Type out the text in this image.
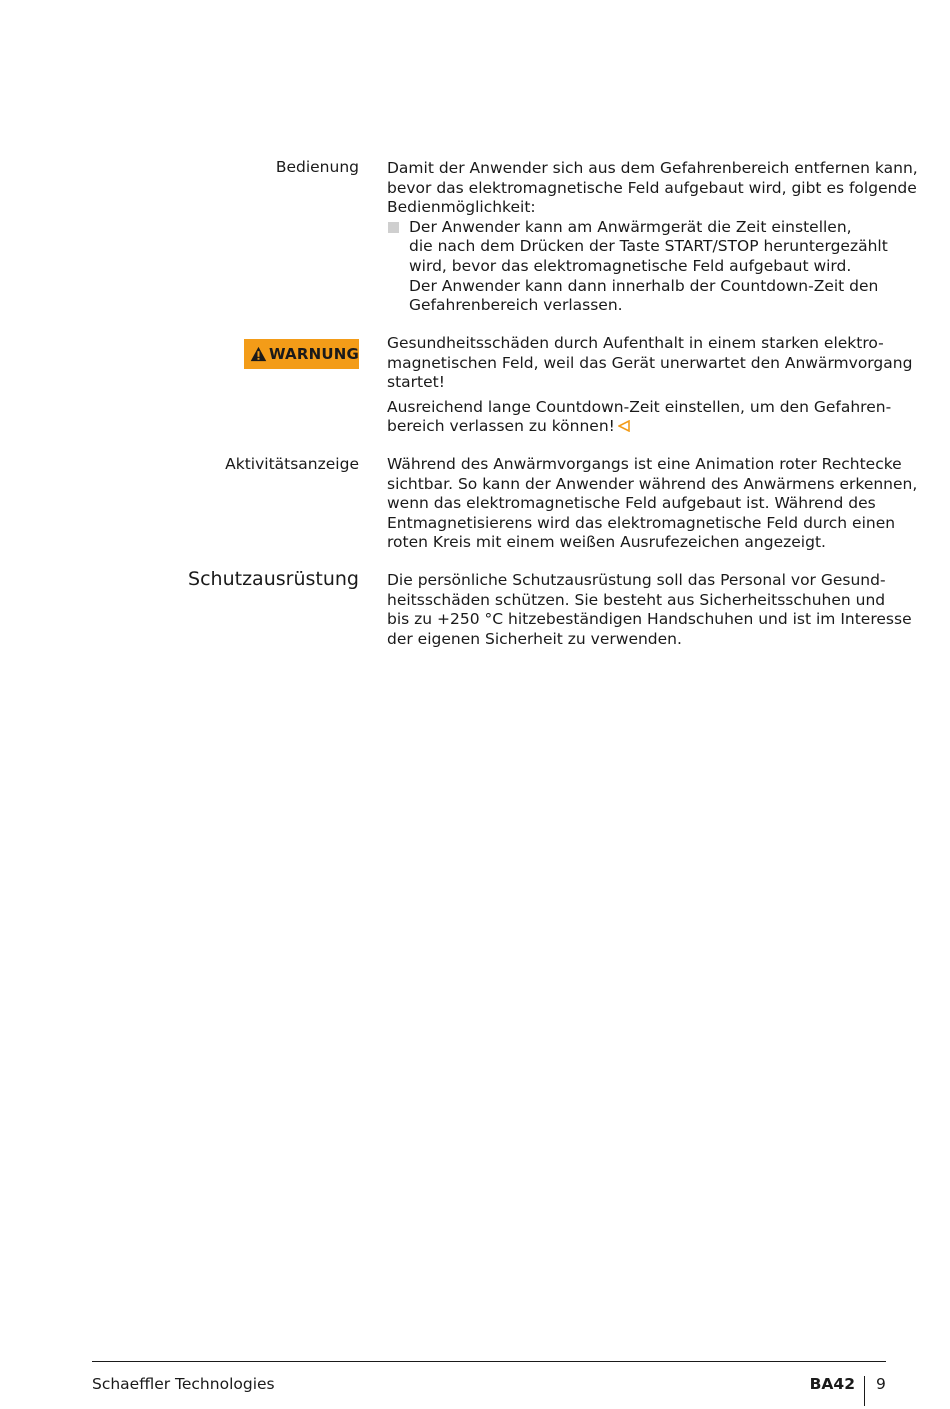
Bedienung Damit der Anwender sich aus dem Gefahrenbereich entfernen kann,
bevor das elektromagnetische Feld aufgebaut wird, gibt es folgende
Bedienmöglichkeit:

Der Anwender kann am Anwärmgerät die Zeit einstellen,
die nach dem Drücken der Taste START/STOP heruntergezählt
wird, bevor das elektromagnetische Feld aufgebaut wird.
Der Anwender kann dann innerhalb der Countdown-Zeit den
Gefahrenbereich verlassen.
WARNUNG

Gesundheitsschäden durch Aufenthalt in einem starken elektro-
magnetischen Feld, weil das Gerät unerwartet den Anwärmvorgang
startet!

Ausreichend lange Countdown-Zeit einstellen, um den Gefahren-
bereich verlassen zu können!

Aktivitätsanzeige Während des Anwärmvorgangs ist eine Animation roter Rechtecke
sichtbar. So kann der Anwender während des Anwärmens erkennen,
wenn das elektromagnetische Feld aufgebaut ist. Während des
Entmagnetisierens wird das elektromagnetische Feld durch einen
roten Kreis mit einem weißen Ausrufezeichen angezeigt.

Schutzausrüstung Die persönliche Schutzausrüstung soll das Personal vor Gesund-
heitsschäden schützen. Sie besteht aus Sicherheitsschuhen und
bis zu +250 °C hitzebeständigen Handschuhen und ist im Interesse
der eigenen Sicherheit zu verwenden.

Schaeffler Technologies	BA42 9
